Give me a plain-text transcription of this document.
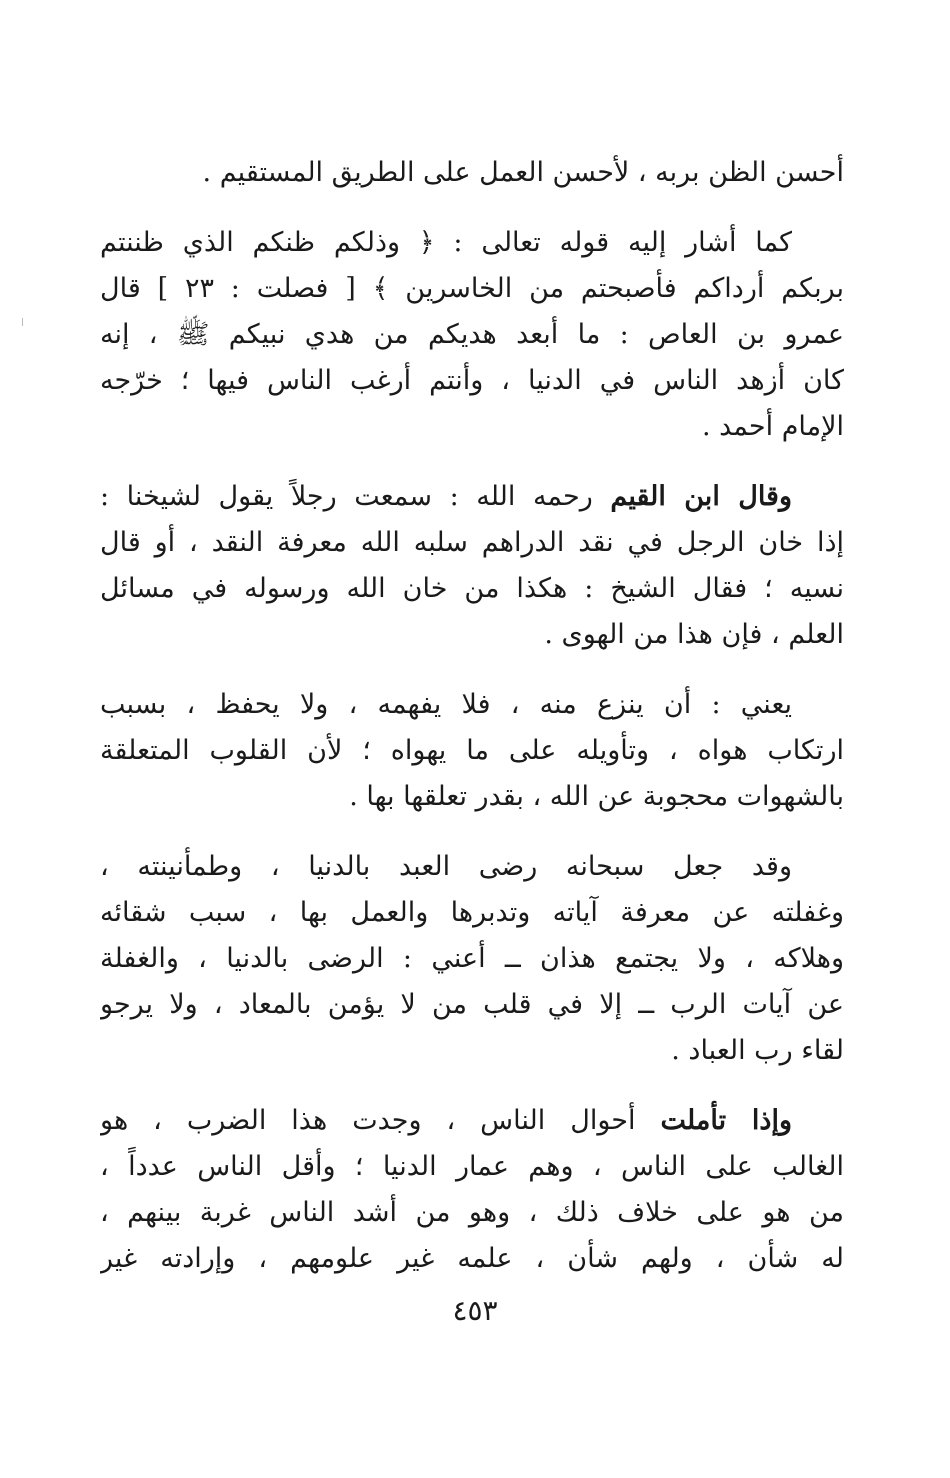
أحسن الظن بربه ، لأحسن العمل على الطريق المستقيم .
كما أشار إليه قوله تعالى : ﴿ وذلكم ظنكم الذي ظننتم
بربكم أرداكم فأصبحتم من الخاسرين ﴾ [ فصلت : ٢٣ ] قال
عمرو بن العاص : ما أبعد هديكم من هدي نبيكم ﷺ ، إنه
كان أزهد الناس في الدنيا ، وأنتم أرغب الناس فيها ؛ خرّجه
الإمام أحمد .
وقال ابن القيم رحمه الله : سمعت رجلاً يقول لشيخنا :
إذا خان الرجل في نقد الدراهم سلبه الله معرفة النقد ، أو قال
نسيه ؛ فقال الشيخ : هكذا من خان الله ورسوله في مسائل
العلم ، فإن هذا من الهوى .
يعني : أن ينزع منه ، فلا يفهمه ، ولا يحفظ ، بسبب
ارتكاب هواه ، وتأويله على ما يهواه ؛ لأن القلوب المتعلقة
بالشهوات محجوبة عن الله ، بقدر تعلقها بها .
وقد جعل سبحانه رضى العبد بالدنيا ، وطمأنينته ،
وغفلته عن معرفة آياته وتدبرها والعمل بها ، سبب شقائه
وهلاكه ، ولا يجتمع هذان ــ أعني : الرضى بالدنيا ، والغفلة
عن آيات الرب ــ إلا في قلب من لا يؤمن بالمعاد ، ولا يرجو
لقاء رب العباد .
وإذا تأملت أحوال الناس ، وجدت هذا الضرب ، هو
الغالب على الناس ، وهم عمار الدنيا ؛ وأقل الناس عدداً ،
من هو على خلاف ذلك ، وهو من أشد الناس غربة بينهم ،
له شأن ، ولهم شأن ، علمه غير علومهم ، وإرادته غير
٤٥٣
